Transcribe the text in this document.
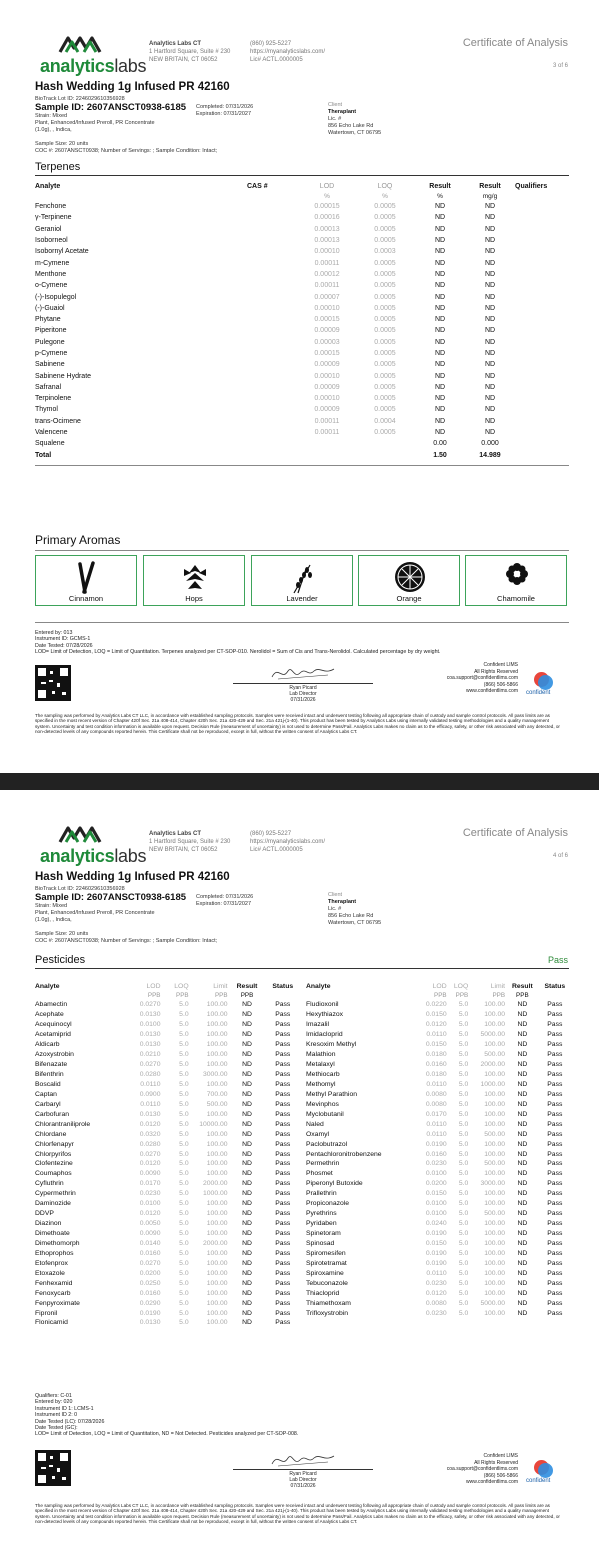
analyticslabs
Analytics Labs CT
1 Hartford Square, Suite # 230
NEW BRITAIN, CT 06052
(860) 925-5227
https://myanalyticslabs.com/
Lic# ACTL.0000005
Certificate of Analysis
3 of 6
Hash Wedding 1g Infused PR 42160
BioTrack Lot ID: 2246029610356928
Sample ID: 2607ANSCT0938-6185 Completed: 07/31/2026
Expiration: 07/31/2027
Strain: Mixed
Plant, Enhanced/Infused Preroll, PR Concentrate
(1.0g), , Indica,
Client
Theraplant
Lic. #
856 Echo Lake Rd
Watertown, CT 06795
Sample Size: 20 units
COC #: 2607ANSCT0938; Number of Servings: ; Sample Condition: Intact;
Terpenes
Analyte	CAS #	LOD	LOQ	Result	Result	Qualifiers
		%	%	%	mg/g	
Fenchone		0.00015	0.0005	ND	ND	
γ-Terpinene		0.00016	0.0005	ND	ND	
Geraniol		0.00013	0.0005	ND	ND	
Isoborneol		0.00013	0.0005	ND	ND	
Isobornyl Acetate		0.00010	0.0003	ND	ND	
m-Cymene		0.00011	0.0005	ND	ND	
Menthone		0.00012	0.0005	ND	ND	
o-Cymene		0.00011	0.0005	ND	ND	
(-)-Isopulegol		0.00007	0.0005	ND	ND	
(-)-Guaiol		0.00010	0.0005	ND	ND	
Phytane		0.00015	0.0005	ND	ND	
Piperitone		0.00009	0.0005	ND	ND	
Pulegone		0.00003	0.0005	ND	ND	
p-Cymene		0.00015	0.0005	ND	ND	
Sabinene		0.00009	0.0005	ND	ND	
Sabinene Hydrate		0.00010	0.0005	ND	ND	
Safranal		0.00009	0.0005	ND	ND	
Terpinolene		0.00010	0.0005	ND	ND	
Thymol		0.00009	0.0005	ND	ND	
trans-Ocimene		0.00011	0.0004	ND	ND	
Valencene		0.00011	0.0005	ND	ND	
Squalene				0.00	0.000	
Total				1.50	14.989	
Primary Aromas
Cinnamon	Hops	Lavender	Orange	Chamomile
Entered by: 013
Instrument ID: GCMS-1
Date Tested: 07/28/2026
LOD= Limit of Detection, LOQ = Limit of Quantitation. Terpenes analyzed per CT-SOP-010. Nerolidol = Sum of Cis and Trans-Nerolidol. Calculated percentage by dry weight.
Ryan Picard
Lab Director
07/31/2026
Confident LIMS
All Rights Reserved
coa.support@confidentlims.com
(866) 506-5866
www.confidentlims.com confident
The sampling was performed by Analytics Labs CT LLC, in accordance with established sampling protocols. Samples were received intact and underwent testing following all appropriate chain of custody and sample control protocols. All pass limits are as specified in the most recent version of Chapter 420f Sec. 21a 408-414, Chapter 420h Sec. 21a 420-429 and Sec. 21a 421j-(1-40). This product has been tested by Analytics Labs using internally validated testing methodologies and a quality management system. Uncertainty and test condition information is available upon request. Decision Rule (measurement of uncertainty) is not used to determine Pass/Fail. Analytics Labs makes no claim as to the efficacy, safety, or other risk associated with any detected, or non-detected levels of any compounds reported herein. This Certificate shall not be reproduced, except in full, without the written consent of Analytics Labs CT.
analyticslabs
Analytics Labs CT
1 Hartford Square, Suite # 230
NEW BRITAIN, CT 06052
(860) 925-5227
https://myanalyticslabs.com/
Lic# ACTL.0000005
Certificate of Analysis
4 of 6
Hash Wedding 1g Infused PR 42160
BioTrack Lot ID: 2246029610356928
Sample ID: 2607ANSCT0938-6185 Completed: 07/31/2026
Expiration: 07/31/2027
Strain: Mixed
Plant, Enhanced/Infused Preroll, PR Concentrate
(1.0g), , Indica,
Client
Theraplant
Lic. #
856 Echo Lake Rd
Watertown, CT 06795
Sample Size: 20 units
COC #: 2607ANSCT0938; Number of Servings: ; Sample Condition: Intact;
Pesticides	Pass
Analyte	LOD	LOQ	Limit	Result	Status
	PPB	PPB	PPB	PPB	
Abamectin	0.0270	5.0	100.00	ND	Pass
Acephate	0.0130	5.0	100.00	ND	Pass
Acequinocyl	0.0100	5.0	100.00	ND	Pass
Acetamiprid	0.0130	5.0	100.00	ND	Pass
Aldicarb	0.0130	5.0	100.00	ND	Pass
Azoxystrobin	0.0210	5.0	100.00	ND	Pass
Bifenazate	0.0270	5.0	100.00	ND	Pass
Bifenthrin	0.0280	5.0	3000.00	ND	Pass
Boscalid	0.0110	5.0	100.00	ND	Pass
Captan	0.0900	5.0	700.00	ND	Pass
Carbaryl	0.0110	5.0	500.00	ND	Pass
Carbofuran	0.0130	5.0	100.00	ND	Pass
Chlorantraniliprole	0.0120	5.0	10000.00	ND	Pass
Chlordane	0.0320	5.0	100.00	ND	Pass
Chlorfenapyr	0.0280	5.0	100.00	ND	Pass
Chlorpyrifos	0.0270	5.0	100.00	ND	Pass
Clofentezine	0.0120	5.0	100.00	ND	Pass
Coumaphos	0.0090	5.0	100.00	ND	Pass
Cyfluthrin	0.0170	5.0	2000.00	ND	Pass
Cypermethrin	0.0230	5.0	1000.00	ND	Pass
Daminozide	0.0100	5.0	100.00	ND	Pass
DDVP	0.0120	5.0	100.00	ND	Pass
Diazinon	0.0050	5.0	100.00	ND	Pass
Dimethoate	0.0090	5.0	100.00	ND	Pass
Dimethomorph	0.0140	5.0	2000.00	ND	Pass
Ethoprophos	0.0160	5.0	100.00	ND	Pass
Etofenprox	0.0270	5.0	100.00	ND	Pass
Etoxazole	0.0200	5.0	100.00	ND	Pass
Fenhexamid	0.0250	5.0	100.00	ND	Pass
Fenoxycarb	0.0160	5.0	100.00	ND	Pass
Fenpyroximate	0.0290	5.0	100.00	ND	Pass
Fipronil	0.0190	5.0	100.00	ND	Pass
Flonicamid	0.0130	5.0	100.00	ND	Pass
Analyte	LOD	LOQ	Limit	Result	Status
	PPB	PPB	PPB	PPB	
Fludioxonil	0.0220	5.0	100.00	ND	Pass
Hexythiazox	0.0150	5.0	100.00	ND	Pass
Imazalil	0.0120	5.0	100.00	ND	Pass
Imidacloprid	0.0110	5.0	5000.00	ND	Pass
Kresoxim Methyl	0.0150	5.0	100.00	ND	Pass
Malathion	0.0180	5.0	500.00	ND	Pass
Metalaxyl	0.0160	5.0	2000.00	ND	Pass
Methiocarb	0.0180	5.0	100.00	ND	Pass
Methomyl	0.0110	5.0	1000.00	ND	Pass
Methyl Parathion	0.0080	5.0	100.00	ND	Pass
Mevinphos	0.0080	5.0	100.00	ND	Pass
Myclobutanil	0.0170	5.0	100.00	ND	Pass
Naled	0.0110	5.0	100.00	ND	Pass
Oxamyl	0.0110	5.0	500.00	ND	Pass
Paclobutrazol	0.0190	5.0	100.00	ND	Pass
Pentachloronitrobenzene	0.0160	5.0	100.00	ND	Pass
Permethrin	0.0230	5.0	500.00	ND	Pass
Phosmet	0.0100	5.0	100.00	ND	Pass
Piperonyl Butoxide	0.0200	5.0	3000.00	ND	Pass
Prallethrin	0.0150	5.0	100.00	ND	Pass
Propiconazole	0.0100	5.0	100.00	ND	Pass
Pyrethrins	0.0100	5.0	500.00	ND	Pass
Pyridaben	0.0240	5.0	100.00	ND	Pass
Spinetoram	0.0190	5.0	100.00	ND	Pass
Spinosad	0.0150	5.0	100.00	ND	Pass
Spiromesifen	0.0190	5.0	100.00	ND	Pass
Spirotetramat	0.0190	5.0	100.00	ND	Pass
Spiroxamine	0.0110	5.0	100.00	ND	Pass
Tebuconazole	0.0230	5.0	100.00	ND	Pass
Thiacloprid	0.0120	5.0	100.00	ND	Pass
Thiamethoxam	0.0080	5.0	5000.00	ND	Pass
Trifloxystrobin	0.0230	5.0	100.00	ND	Pass
Qualifiers: C-01
Entered by: 020
Instrument ID 1: LCMS-1
Instrument ID 2: 0
Date Tested (LC): 07/28/2026
Date Tested (GC):
LOD= Limit of Detection, LOQ = Limit of Quantitation, ND = Not Detected. Pesticides analyzed per CT-SOP-008.
Ryan Picard
Lab Director
07/31/2026
Confident LIMS
All Rights Reserved
coa.support@confidentlims.com
(866) 506-5866
www.confidentlims.com confident
The sampling was performed by Analytics Labs CT LLC, in accordance with established sampling protocols. Samples were received intact and underwent testing following all appropriate chain of custody and sample control protocols. All pass limits are as specified in the most recent version of Chapter 420f Sec. 21a 408-414, Chapter 420h Sec. 21a 420-429 and Sec. 21a 421j-(1-40). This product has been tested by Analytics Labs using internally validated testing methodologies and a quality management system. Uncertainty and test condition information is available upon request. Decision Rule (measurement of uncertainty) is not used to determine Pass/Fail. Analytics Labs makes no claim as to the efficacy, safety, or other risk associated with any detected, or non-detected levels of any compounds reported herein. This Certificate shall not be reproduced, except in full, without the written consent of Analytics Labs CT.
